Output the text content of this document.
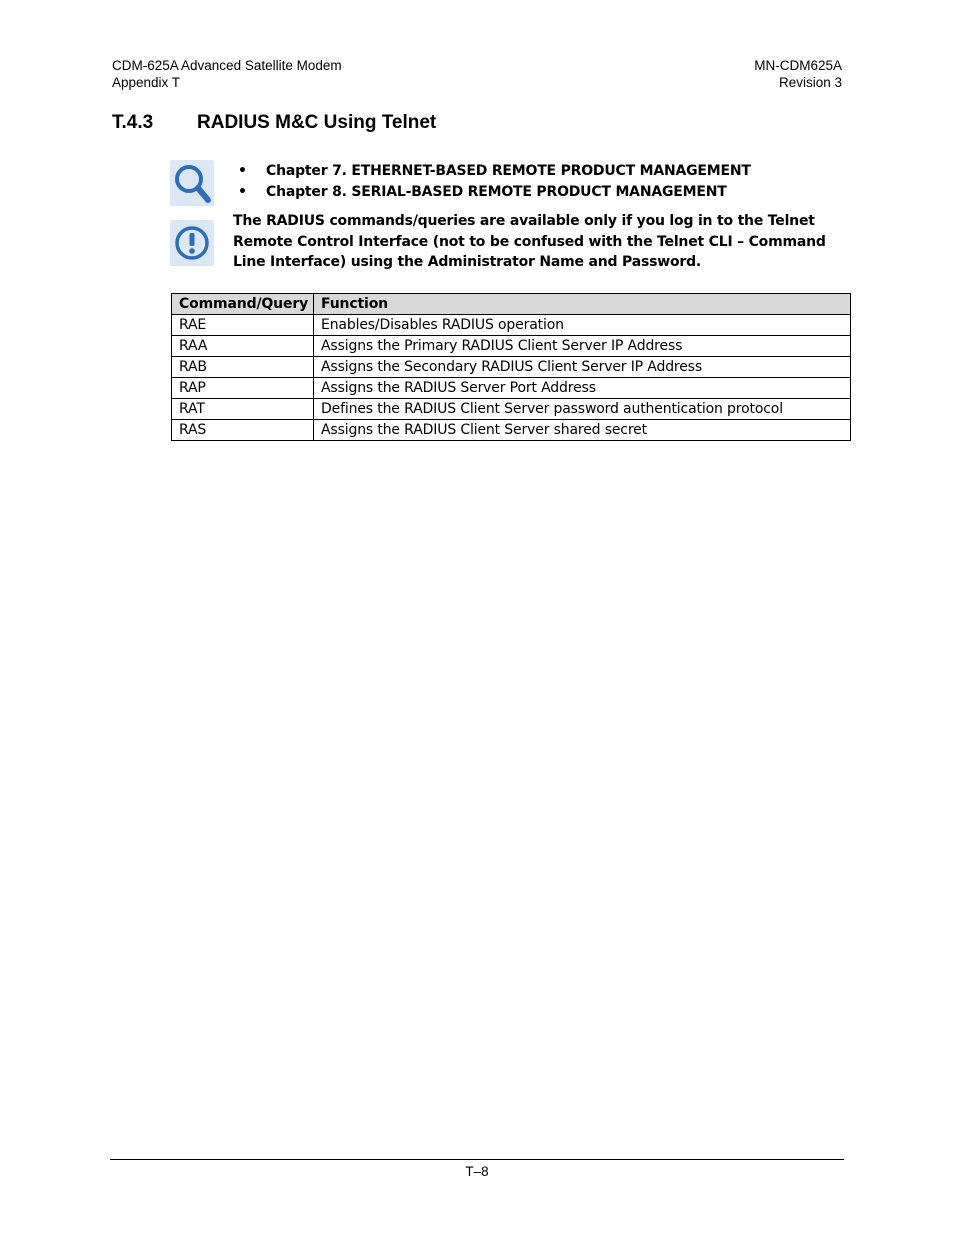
CDM-625A Advanced Satellite Modem
Appendix T
MN-CDM625A
Revision 3
T.4.3 RADIUS M&C Using Telnet
• Chapter 7. ETHERNET-BASED REMOTE PRODUCT MANAGEMENT
• Chapter 8. SERIAL-BASED REMOTE PRODUCT MANAGEMENT
The RADIUS commands/queries are available only if you log in to the Telnet Remote Control Interface (not to be confused with the Telnet CLI – Command Line Interface) using the Administrator Name and Password.
Command/Query	Function
RAE	Enables/Disables RADIUS operation
RAA	Assigns the Primary RADIUS Client Server IP Address
RAB	Assigns the Secondary RADIUS Client Server IP Address
RAP	Assigns the RADIUS Server Port Address
RAT	Defines the RADIUS Client Server password authentication protocol
RAS	Assigns the RADIUS Client Server shared secret
T–8
